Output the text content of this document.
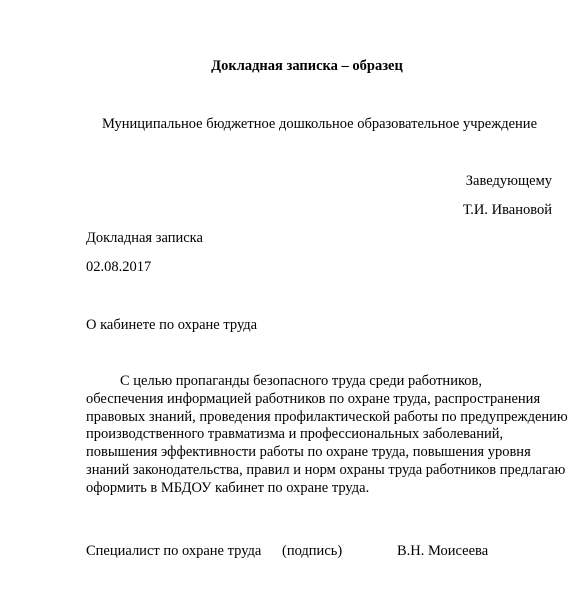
Докладная записка – образец
Муниципальное бюджетное дошкольное образовательное учреждение
Заведующему
Т.И. Ивановой
Докладная записка
02.08.2017
О кабинете по охране труда
С целью пропаганды безопасного труда среди работников,
обеспечения информацией работников по охране труда, распространения
правовых знаний, проведения профилактической работы по предупреждению
производственного травматизма и профессиональных заболеваний,
повышения эффективности работы по охране труда, повышения уровня
знаний законодательства, правил и норм охраны труда работников предлагаю
оформить в МБДОУ кабинет по охране труда.
Специалист по охране труда (подпись)	В.Н. Моисеева
